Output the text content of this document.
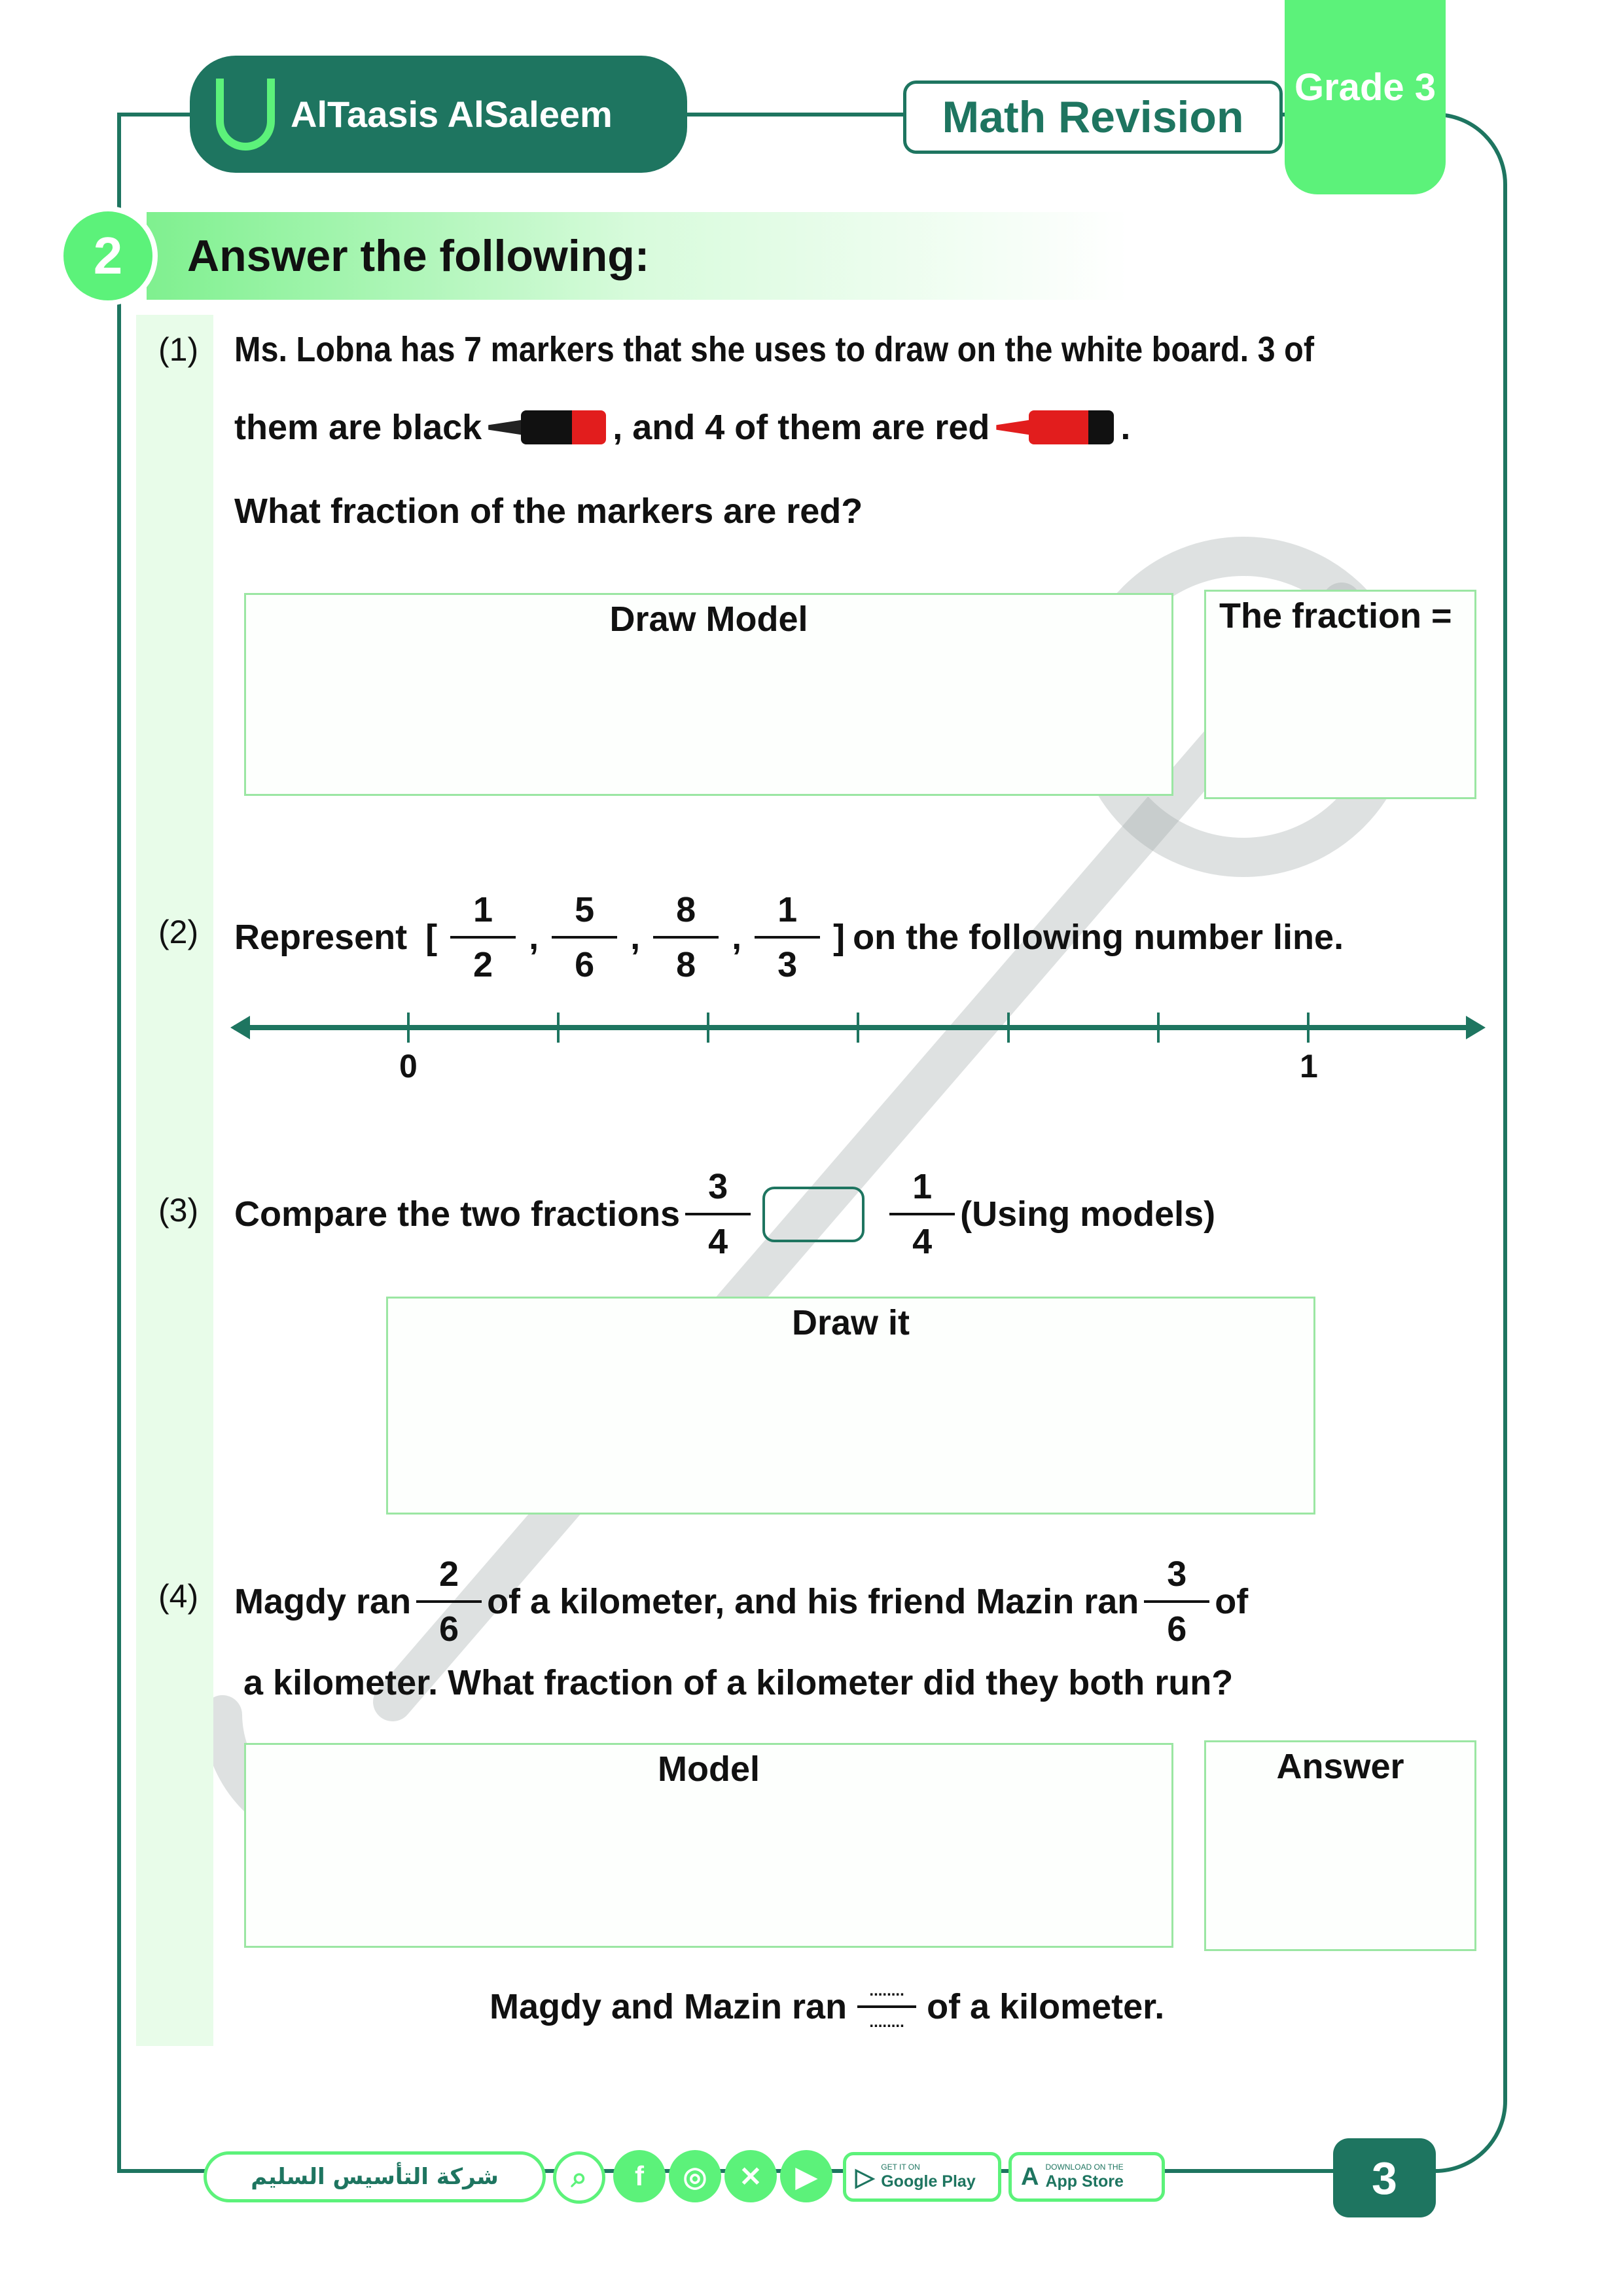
AlTaasis AlSaleem	Math Revision
Grade 3
Answer the following:
2
(1) Ms. Lobna has 7 markers that she uses to draw on the white board. 3 of
them are black	, and 4 of them are red	.
What fraction of the markers are red?
Draw Model	The fraction =
(2) Represent [ $\frac{1}{2}$ , $\frac{5}{6}$ , $\frac{8}{8}$ , $\frac{1}{3}$ ] on the following number line.
0	1
(3) Compare the two fractions $\frac{3}{4}$	$\frac{1}{4} (Using$ models)
Draw it
(4) Magdy ran $\frac{2}{6}$ of a kilometer, and his friend Mazin ran $\frac{3}{6}$ of
a kilometer. What fraction of a kilometer did they both run?
Model	Answer
Magdy and Mazin ran ........
........ of a kilometer.
شركة التأسيس السليم	⌕	f	◎	✕	▶	▷ GET IT ON
Google Play A DOWNLOAD ON THE
App Store	3
